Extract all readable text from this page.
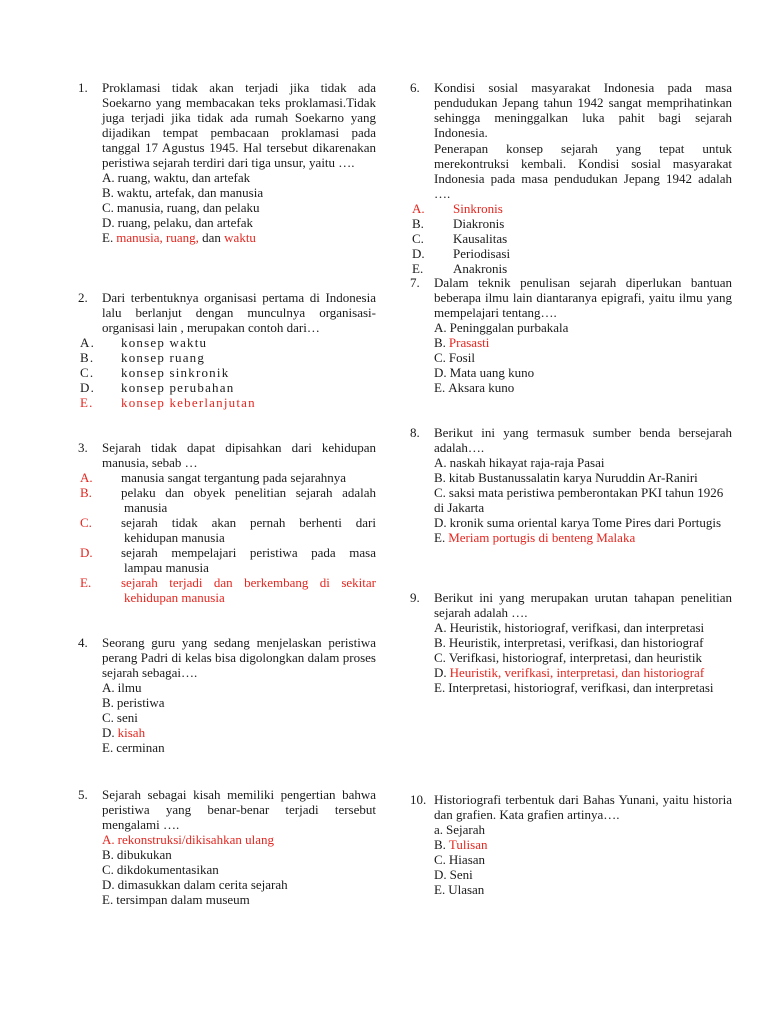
1. Proklamasi tidak akan terjadi jika tidak ada Soekarno yang membacakan teks proklamasi.Tidak juga terjadi jika tidak ada rumah Soekarno yang dijadikan tempat pembacaan proklamasi pada tanggal 17 Agustus 1945. Hal tersebut dikarenakan peristiwa sejarah terdiri dari tiga unsur, yaitu ….
A. ruang, waktu, dan artefak
B. waktu, artefak, dan manusia
C. manusia, ruang, dan pelaku
D. ruang, pelaku, dan artefak
E. manusia, ruang, dan waktu
2. Dari terbentuknya organisasi pertama di Indonesia lalu berlanjut dengan munculnya organisasi-organisasi lain , merupakan contoh dari…
A. konsep waktu
B. konsep ruang
C. konsep sinkronik
D. konsep perubahan
E. konsep keberlanjutan
3. Sejarah tidak dapat dipisahkan dari kehidupan manusia, sebab …
A. manusia sangat tergantung pada sejarahnya
B. pelaku dan obyek penelitian sejarah adalah manusia
C. sejarah tidak akan pernah berhenti dari kehidupan manusia
D. sejarah mempelajari peristiwa pada masa lampau manusia
E. sejarah terjadi dan berkembang di sekitar kehidupan manusia
4. Seorang guru yang sedang menjelaskan peristiwa perang Padri di kelas bisa digolongkan dalam proses sejarah sebagai….
A. ilmu
B. peristiwa
C. seni
D. kisah
E. cerminan
5. Sejarah sebagai kisah memiliki pengertian bahwa peristiwa yang benar-benar terjadi tersebut mengalami ….
A. rekonstruksi/dikisahkan ulang
B. dibukukan
C. dikdokumentasikan
D. dimasukkan dalam cerita sejarah
E. tersimpan dalam museum
6. Kondisi sosial masyarakat Indonesia pada masa pendudukan Jepang tahun 1942 sangat memprihatinkan sehingga meninggalkan luka pahit bagi sejarah Indonesia.
Penerapan konsep sejarah yang tepat untuk merekontruksi kembali. Kondisi sosial masyarakat Indonesia pada masa pendudukan Jepang 1942 adalah ….
A. Sinkronis
B. Diakronis
C. Kausalitas
D. Periodisasi
E. Anakronis
7. Dalam teknik penulisan sejarah diperlukan bantuan beberapa ilmu lain diantaranya epigrafi, yaitu ilmu yang mempelajari tentang….
A. Peninggalan purbakala
B. Prasasti
C. Fosil
D. Mata uang kuno
E. Aksara kuno
8. Berikut ini yang termasuk sumber benda bersejarah adalah….
A. naskah hikayat raja-raja Pasai
B. kitab Bustanussalatin karya Nuruddin Ar-Raniri
C. saksi mata peristiwa pemberontakan PKI tahun 1926 di Jakarta
D. kronik suma oriental karya Tome Pires dari Portugis
E. Meriam portugis di benteng Malaka
9. Berikut ini yang merupakan urutan tahapan penelitian sejarah adalah ….
A. Heuristik, historiograf, verifkasi, dan interpretasi
B. Heuristik, interpretasi, verifkasi, dan historiograf
C. Verifkasi, historiograf, interpretasi, dan heuristik
D. Heuristik, verifkasi, interpretasi, dan historiograf
E. Interpretasi, historiograf, verifkasi, dan interpretasi
10. Historiografi terbentuk dari Bahas Yunani, yaitu historia dan grafien. Kata grafien artinya….
a. Sejarah
B. Tulisan
C. Hiasan
D. Seni
E. Ulasan
